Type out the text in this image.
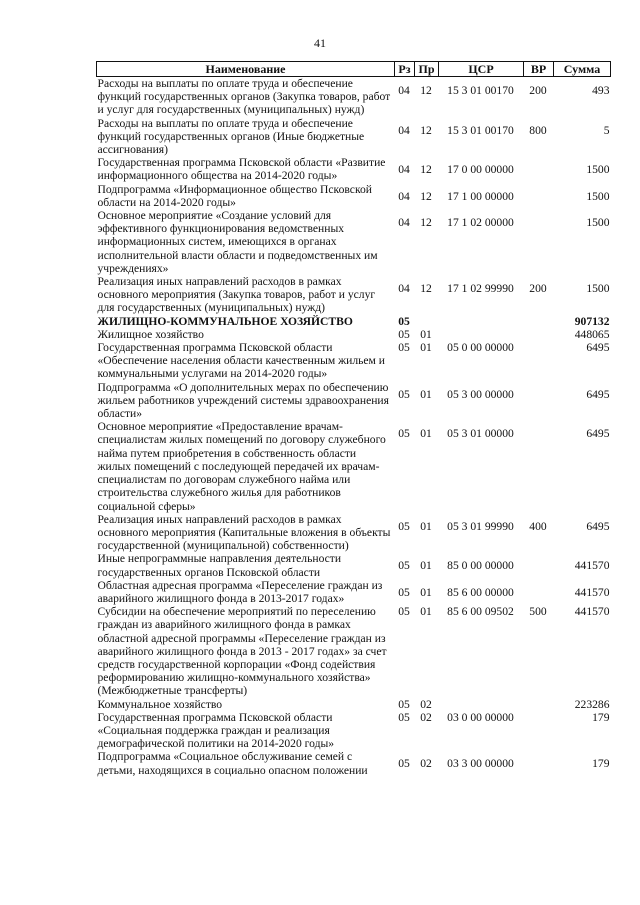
41
Наименование	Рз	Пр	ЦСР	ВР	Сумма
Расходы на выплаты по оплате труда и обеспечение функций государственных органов (Закупка товаров, работ и услуг для государственных (муниципальных) нужд)	04	12	15 3 01 00170	200	493
Расходы на выплаты по оплате труда и обеспечение функций государственных органов (Иные бюджетные ассигнования)	04	12	15 3 01 00170	800	5
Государственная программа Псковской области «Развитие информационного общества на 2014-2020 годы»	04	12	17 0 00 00000		1500
Подпрограмма «Информационное общество Псковской области на 2014-2020 годы»	04	12	17 1 00 00000		1500
Основное мероприятие «Создание условий для эффективного функционирования ведомственных информационных систем, имеющихся в органах исполнительной власти области и подведомственных им учреждениях»	04	12	17 1 02 00000		1500
Реализация иных направлений расходов в рамках основного мероприятия (Закупка товаров, работ и услуг для государственных (муниципальных) нужд)	04	12	17 1 02 99990	200	1500
ЖИЛИЩНО-КОММУНАЛЬНОЕ ХОЗЯЙСТВО	05				907132
Жилищное хозяйство	05	01			448065
Государственная программа Псковской области «Обеспечение населения области качественным жильем и коммунальными услугами на 2014-2020 годы»	05	01	05 0 00 00000		6495
Подпрограмма «О дополнительных мерах по обеспечению жильем работников учреждений системы здравоохранения области»	05	01	05 3 00 00000		6495
Основное мероприятие «Предоставление врачам-специалистам жилых помещений по договору служебного найма путем приобретения в собственность области жилых помещений с последующей передачей их врачам-специалистам по договорам служебного найма или строительства служебного жилья для работников социальной сферы»	05	01	05 3 01 00000		6495
Реализация иных направлений расходов в рамках основного мероприятия (Капитальные вложения в объекты государственной (муниципальной) собственности)	05	01	05 3 01 99990	400	6495
Иные непрограммные направления деятельности государственных органов Псковской области	05	01	85 0 00 00000		441570
Областная адресная программа «Переселение граждан из аварийного жилищного фонда в 2013-2017 годах»	05	01	85 6 00 00000		441570
Субсидии на обеспечение мероприятий по переселению граждан из аварийного жилищного фонда в рамках областной адресной программы «Переселение граждан из аварийного жилищного фонда в 2013 - 2017 годах» за счет средств государственной корпорации «Фонд содействия реформированию жилищно-коммунального хозяйства» (Межбюджетные трансферты)	05	01	85 6 00 09502	500	441570
Коммунальное хозяйство	05	02			223286
Государственная программа Псковской области «Социальная поддержка граждан и реализация демографической политики на 2014-2020 годы»	05	02	03 0 00 00000		179
Подпрограмма «Социальное обслуживание семей с детьми, находящихся в социально опасном положении	05	02	03 3 00 00000		179
